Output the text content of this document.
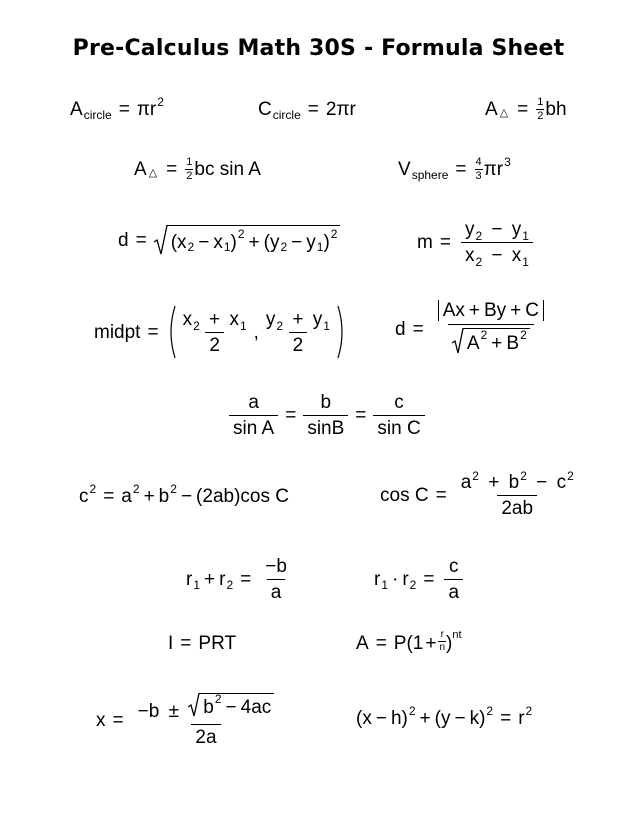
Pre-Calculus Math 30S - Formula Sheet
A circle = π r 2	C circle = 2 π r	A △ = $\frac{1}{2}$ bh
A △ = $\frac{1}{2}$ bc sin A	V sphere = $\frac{4}{3}$ π r 3
d = (x 2 − x 1 ) 2 + (y 2 − y 1 ) 2	$m = \frac{y_2 - y_1}{x_2 - x_1}$
midpt = $\frac{x_2 + x_1}{2}$ , $\frac{y_2 + y_1}{2}$	$d = \frac{Ax + By + C}{A 2 + B 2}$
$\frac{a}{\text{sin A}} = \frac{b}{\sin B} = \frac{c}{\text{sin C}}$
c 2 = a 2 + b 2 − (2ab)cos C	$\cos C = \frac{a^2 + b^2 - c^2}{2ab}$
r 1 + r $2 = \frac{-b}{a}$	r 1 · r $2 = \frac{c}{a}$
I = PRT	$A = P(1 + \frac{r}{n}$ ) nt
x = −b ± b 2 − 4ac
2a
(x − h) 2 + (y − k) 2 = r 2
